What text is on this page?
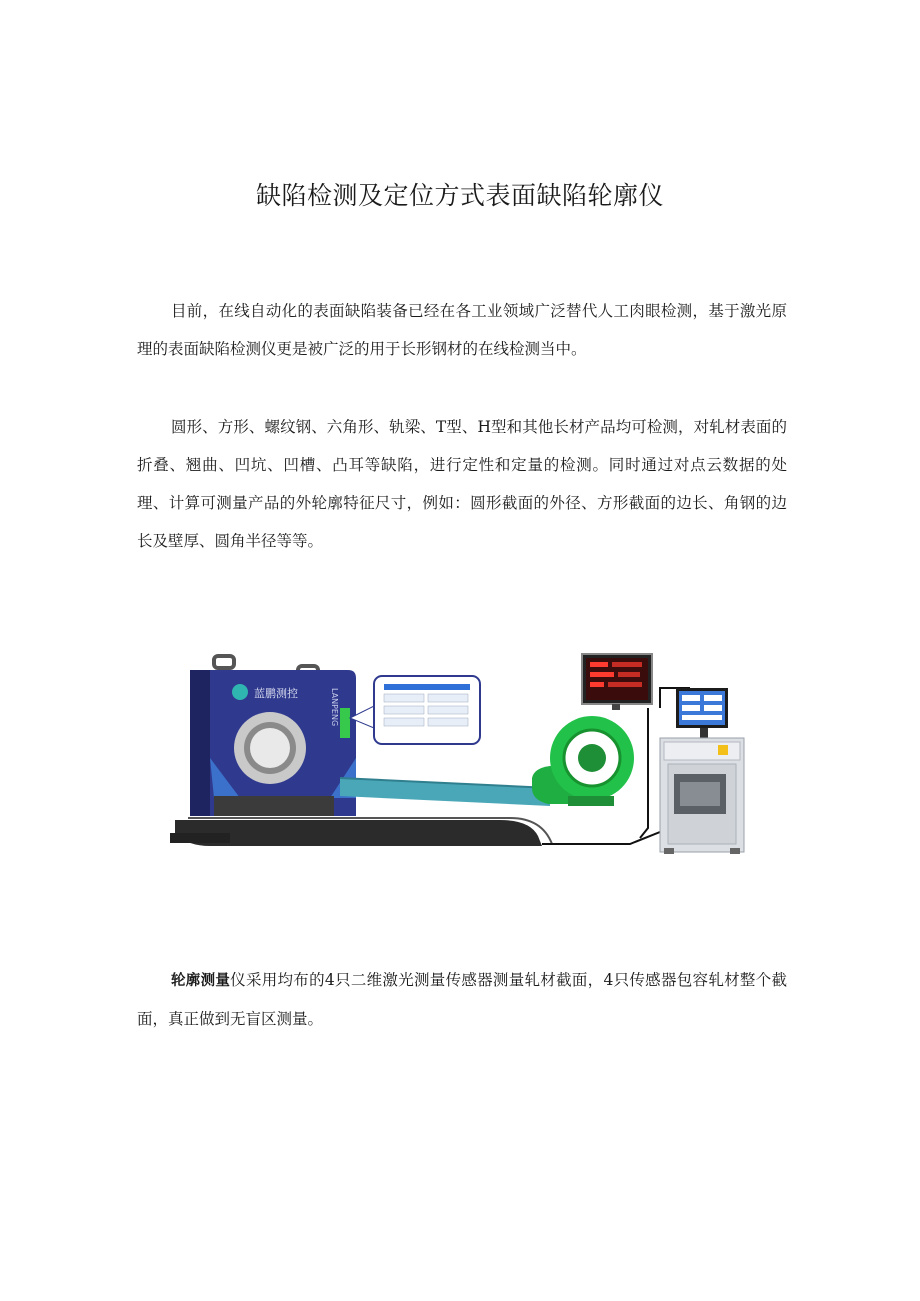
缺陷检测及定位方式表面缺陷轮廓仪

目前，在线自动化的表面缺陷装备已经在各工业领域广泛替代人工肉眼检测，基于激光原理的表面缺陷检测仪更是被广泛的用于长形钢材的在线检测当中。

圆形、方形、螺纹钢、六角形、轨梁、T型、H型和其他长材产品均可检测，对轧材表面的折叠、翘曲、凹坑、凹槽、凸耳等缺陷，进行定性和定量的检测。同时通过对点云数据的处理、计算可测量产品的外轮廓特征尺寸，例如：圆形截面的外径、方形截面的边长、角钢的边长及壁厚、圆角半径等等。

蓝鹏测控	LANPENG

轮廓测量仪采用均布的4只二维激光测量传感器测量轧材截面，4只传感器包容轧材整个截面，真正做到无盲区测量。
